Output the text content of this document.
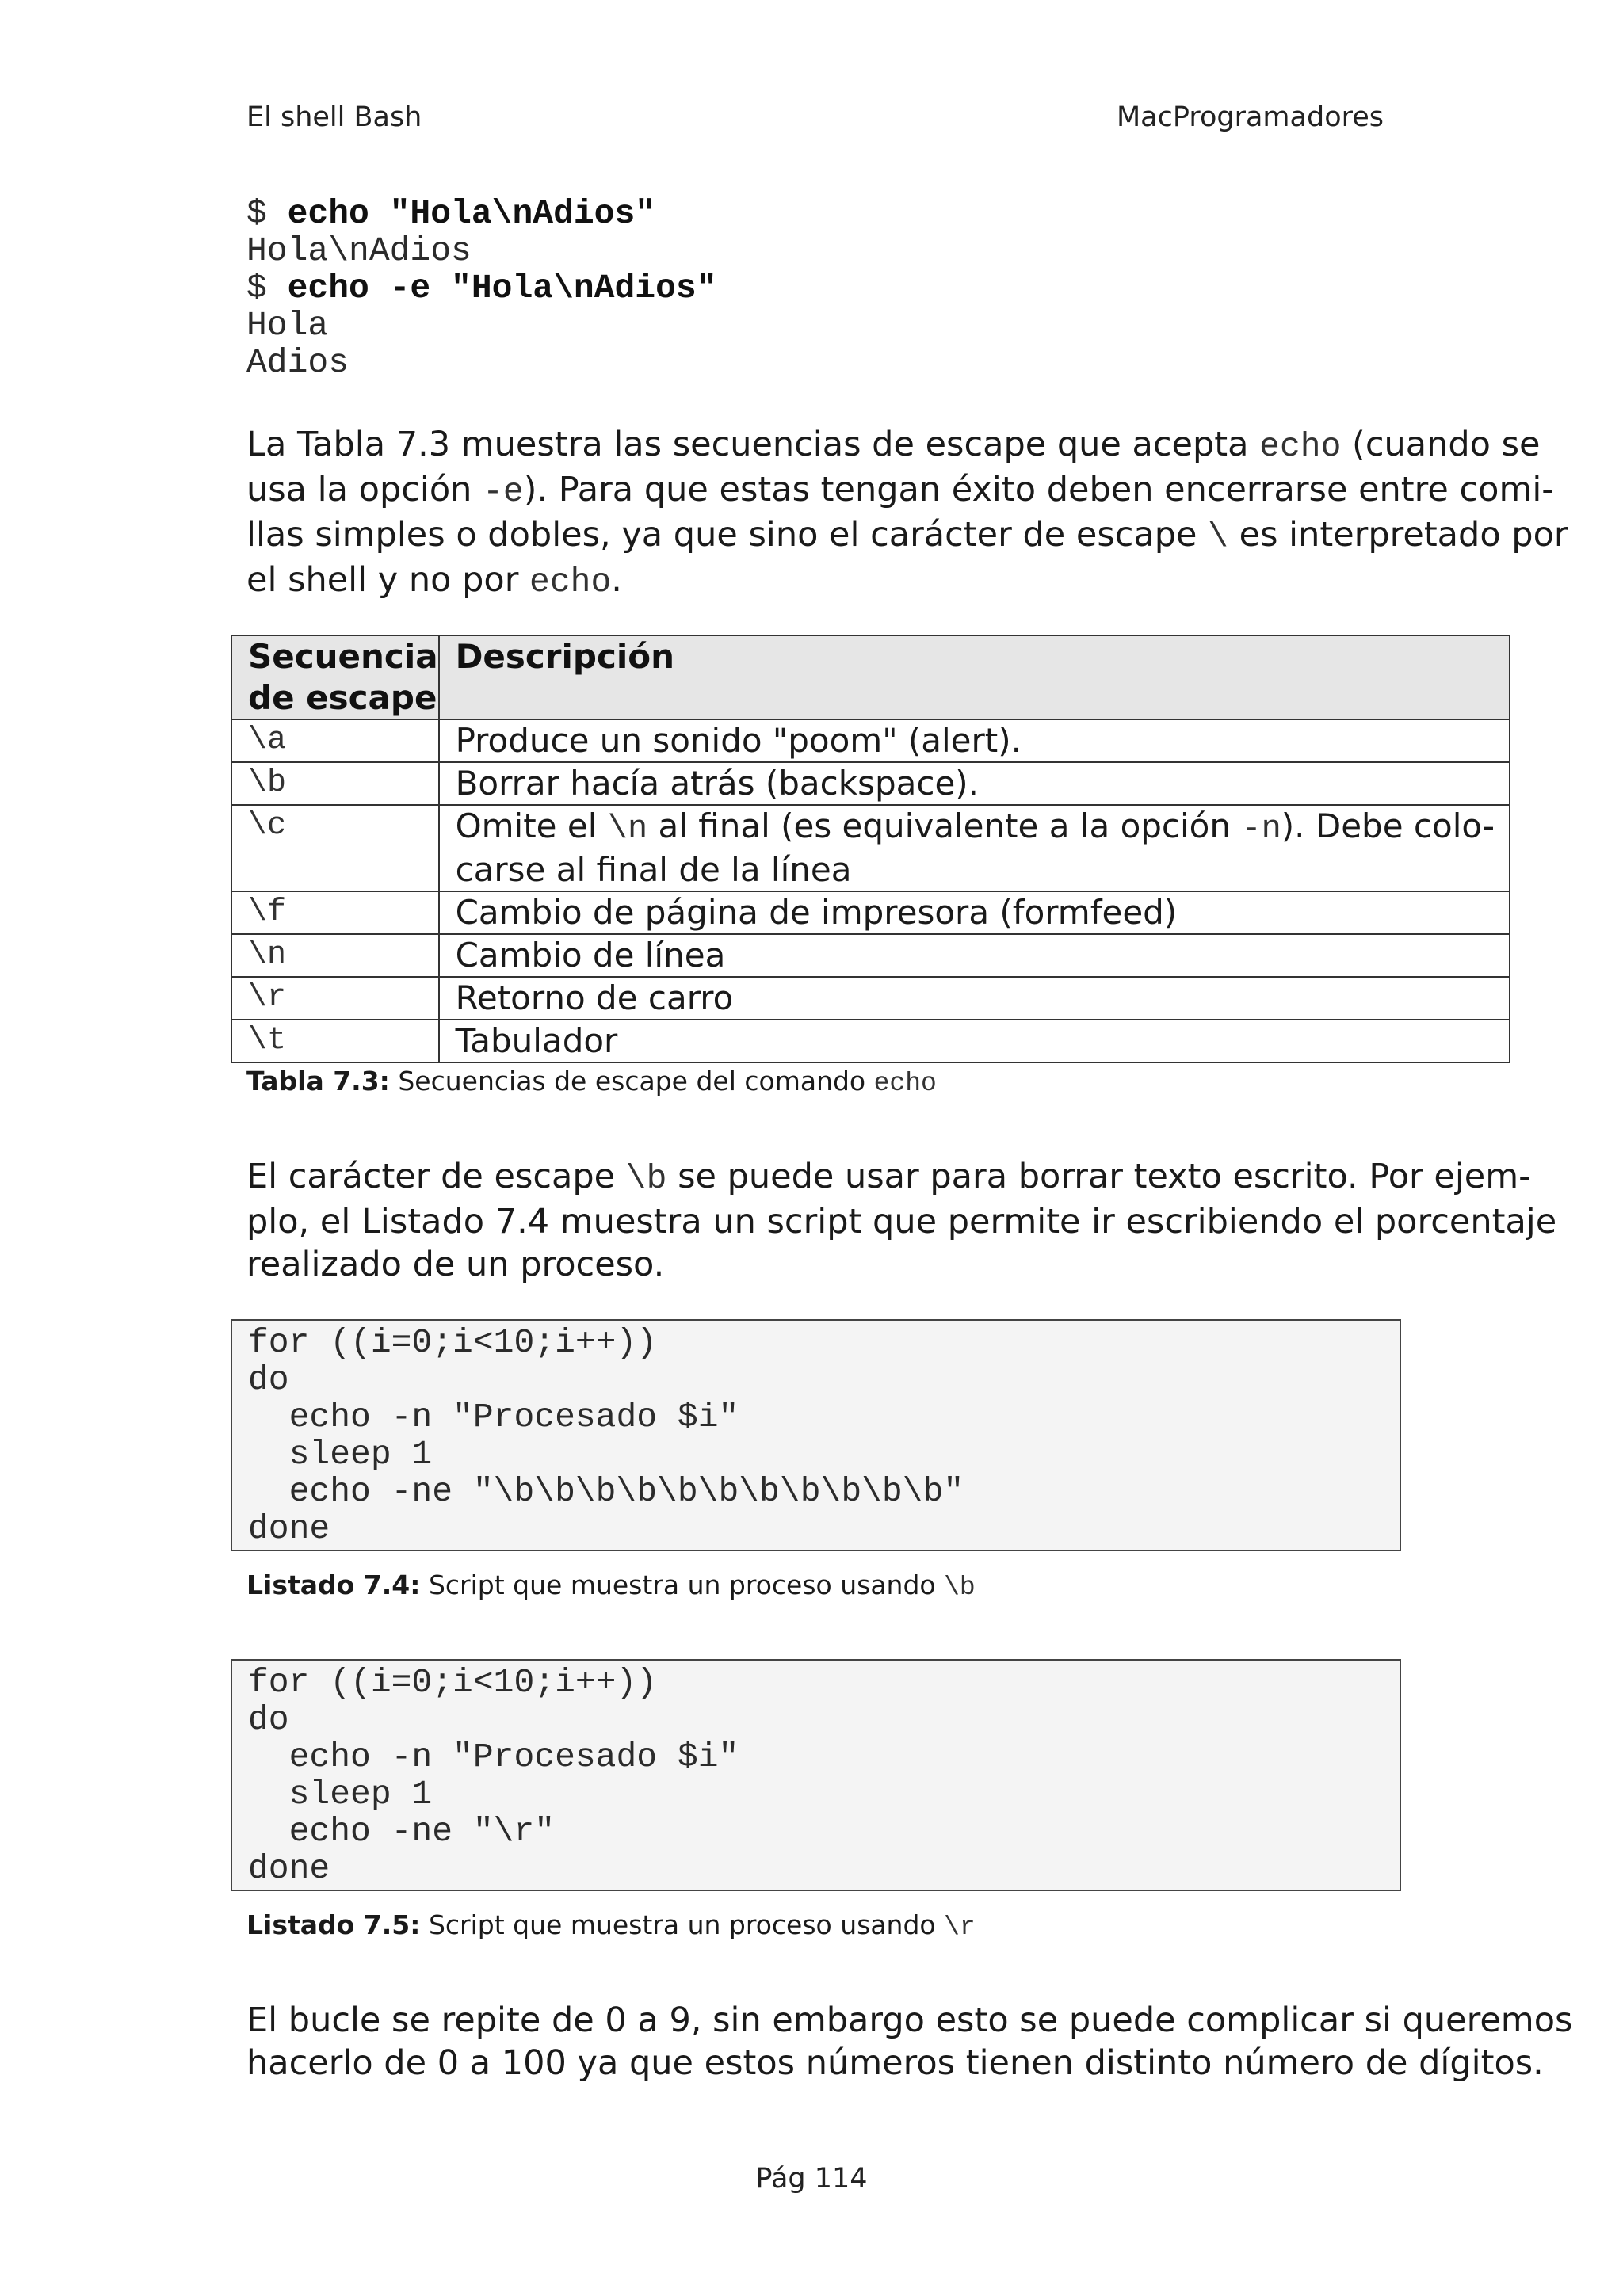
El shell Bash	MacProgramadores
$ echo "Hola\nAdios"
Hola\nAdios
$ echo -e "Hola\nAdios"
Hola
Adios
La Tabla 7.3 muestra las secuencias de escape que acepta echo (cuando se
usa la opción -e). Para que estas tengan éxito deben encerrarse entre comi-
llas simples o dobles, ya que sino el carácter de escape \ es interpretado por
el shell y no por echo.
Secuencia
de escape	Descripción
\a	Produce un sonido "poom" (alert).
\b	Borrar hacía atrás (backspace).
\c	Omite el \n al final (es equivalente a la opción -n). Debe colo-
carse al final de la línea

\f	Cambio de página de impresora (formfeed)
\n	Cambio de línea
\r	Retorno de carro
\t	Tabulador
Tabla 7.3: Secuencias de escape del comando echo
El carácter de escape \b se puede usar para borrar texto escrito. Por ejem-
plo, el Listado 7.4 muestra un script que permite ir escribiendo el porcentaje
realizado de un proceso.
for ((i=0;i<10;i++))
do
echo -n "Procesado $i"
sleep 1
echo -ne "\b\b\b\b\b\b\b\b\b\b\b"
done
Listado 7.4: Script que muestra un proceso usando \b
for ((i=0;i<10;i++))
do
echo -n "Procesado $i"
sleep 1
echo -ne "\r"
done
Listado 7.5: Script que muestra un proceso usando \r
El bucle se repite de 0 a 9, sin embargo esto se puede complicar si queremos
hacerlo de 0 a 100 ya que estos números tienen distinto número de dígitos.
Pág 114
